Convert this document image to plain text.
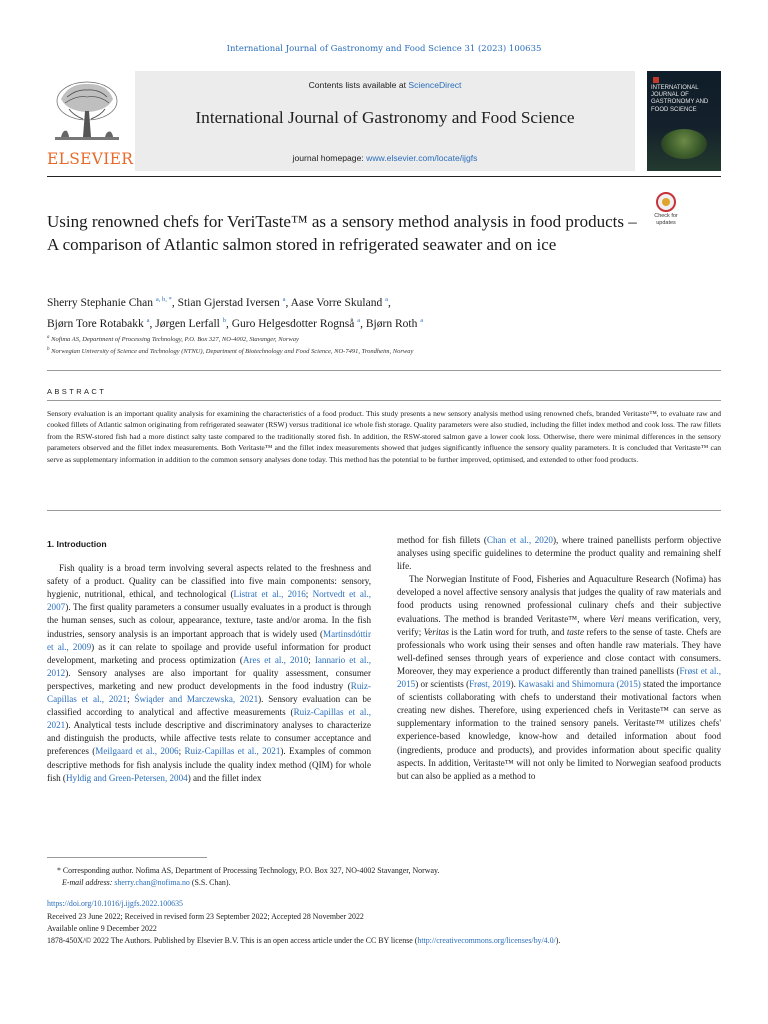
International Journal of Gastronomy and Food Science 31 (2023) 100635
ELSEVIER
Contents lists available at ScienceDirect
International Journal of Gastronomy and Food Science
journal homepage: www.elsevier.com/locate/ijgfs
INTERNATIONAL JOURNAL OF GASTRONOMY AND FOOD SCIENCE
Using renowned chefs for VeriTaste™ as a sensory method analysis in food products – A comparison of Atlantic salmon stored in refrigerated seawater and on ice
Check for updates
Sherry Stephanie Chan $^{a, b, *}$, Stian Gjerstad Iversen $^a$, Aase Vorre Skuland $^a$,
Bjørn Tore Rotabakk $^a$, Jørgen Lerfall $^b$, Guro Helgesdotter Rognså $^a$, Bjørn Roth $^a$
$^a$ Nofima AS, Department of Processing Technology, P.O. Box 327, NO-4002, Stavanger, Norway
$^b$ Norwegian University of Science and Technology (NTNU), Department of Biotechnology and Food Science, NO-7491, Trondheim, Norway
ABSTRACT
Sensory evaluation is an important quality analysis for examining the characteristics of a food product. This study presents a new sensory analysis method using renowned chefs, branded Veritaste™, to evaluate raw and cooked fillets of Atlantic salmon originating from refrigerated seawater (RSW) versus traditional ice whole fish storage. Quality parameters were also studied, including the fillet index method and cook loss. The raw fillets from the RSW-stored fish had a more distinct salty taste compared to the traditionally stored fish. In addition, the RSW-stored salmon gave a lower cook loss. Otherwise, there were minimal differences in the sensory parameters observed and the fillet index measurements. Both Veritaste™ and the fillet index measurements showed that judges significantly influence the sensory quality parameters. It is concluded that Veritaste™ can serve as supplementary information in addition to the common sensory analyses done today. This method has the potential to be further improved, optimised, and extended to other food products.
1. Introduction

Fish quality is a broad term involving several aspects related to the freshness and safety of a product. Quality can be classified into five main components: sensory, hygienic, nutritional, ethical, and technological (Listrat et al., 2016; Nortvedt et al., 2007). The first quality parameters a consumer usually evaluates in a product is through the human senses, such as colour, appearance, texture, taste and/or aroma. In the fish industries, sensory analysis is an important approach that is widely used (Martinsdóttir et al., 2009) as it can relate to spoilage and provide useful information for product development, marketing and process optimization (Ares et al., 2010; Iannario et al., 2012). Sensory analyses are also important for quality assessment, consumer perspectives, marketing and new product developments in the food industry (Ruiz-Capillas et al., 2021; Świąder and Marczewska, 2021). Sensory evaluation can be classified according to analytical and affective measurements (Ruiz-Capillas et al., 2021). Analytical tests include descriptive and discriminatory analyses to characterize and distinguish the products, while affective tests relate to consumer acceptance and preferences (Meilgaard et al., 2006; Ruiz-Capillas et al., 2021). Examples of common descriptive methods for fish analysis include the quality index method (QIM) for whole fish (Hyldig and Green-Petersen, 2004) and the fillet index

method for fish fillets (Chan et al., 2020), where trained panellists perform objective analyses using specific guidelines to determine the product quality and remaining shelf life.

The Norwegian Institute of Food, Fisheries and Aquaculture Research (Nofima) has developed a novel affective sensory analysis that judges the quality of raw materials and food products using renowned professional culinary chefs and their subjective evaluations. The method is branded Veritaste™, where Veri means verification, very, verify; Veritas is the Latin word for truth, and taste refers to the sense of taste. Chefs are professionals who work using their senses and often handle raw materials. They have well-defined senses through years of experience and close contact with consumers. Moreover, they may experience a product differently than trained panellists (Frøst et al., 2015) or scientists (Frøst, 2019). Kawasaki and Shimomura (2015) stated the importance of scientists collaborating with chefs to understand their motivational factors when creating new dishes. Therefore, using experienced chefs in Veritaste™ can serve as supplementary information to the trained sensory panels. Veritaste™ utilizes chefs' experience-based knowledge, know-how and detailed information about food (ingredients, produce and products), and provides information about specific quality aspects. In addition, Veritaste™ will not only be limited to Norwegian seafood products but can also be applied as a method to

* Corresponding author. Nofima AS, Department of Processing Technology, P.O. Box 327, NO-4002 Stavanger, Norway.
E-mail address: sherry.chan@nofima.no (S.S. Chan).
https://doi.org/10.1016/j.ijgfs.2022.100635
Received 23 June 2022; Received in revised form 23 September 2022; Accepted 28 November 2022
Available online 9 December 2022
1878-450X/© 2022 The Authors. Published by Elsevier B.V. This is an open access article under the CC BY license (http://creativecommons.org/licenses/by/4.0/).
